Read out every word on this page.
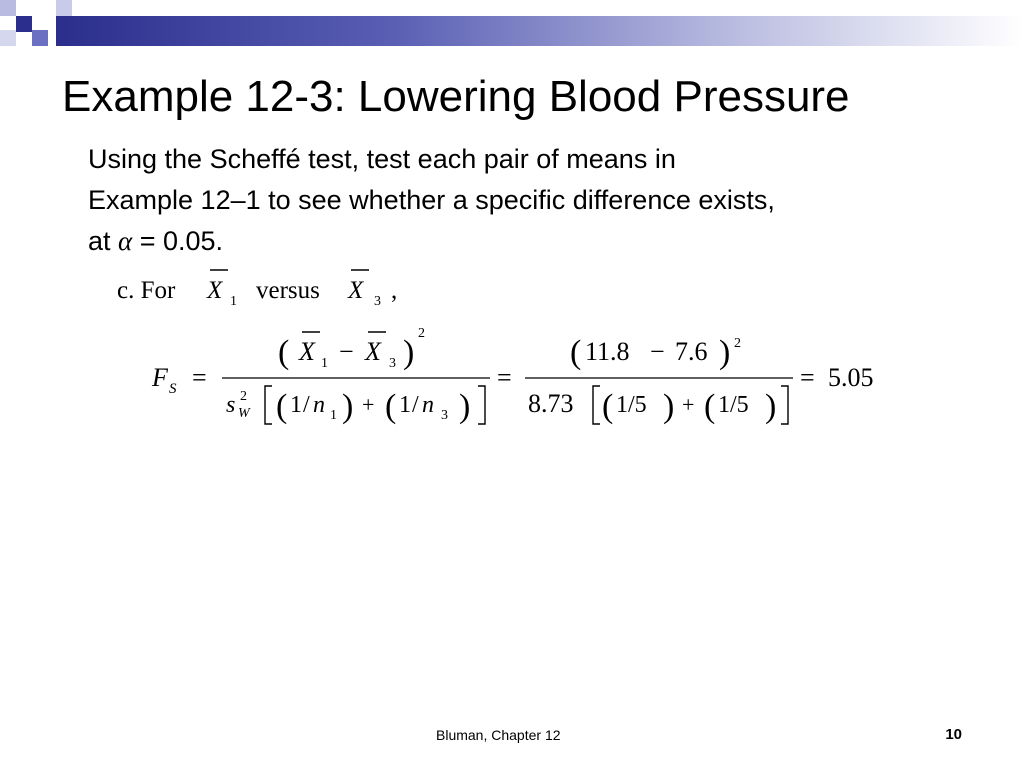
Example 12-3: Lowering Blood Pressure
Using the Scheffé test, test each pair of means in
Example 12–1 to see whether a specific difference exists,
at α = 0.05.
c. For X 1 versus X 3 ,
F S =
( X 1 − X 3 )
2
s 2
W ( 1 / n 1 ) + ( 1 / n 3 )
=
( 11.8 − 7.6 ) 2
8.73 ( 1/5 ) + ( 1/5 )
= 5.05
Bluman, Chapter 12	10
